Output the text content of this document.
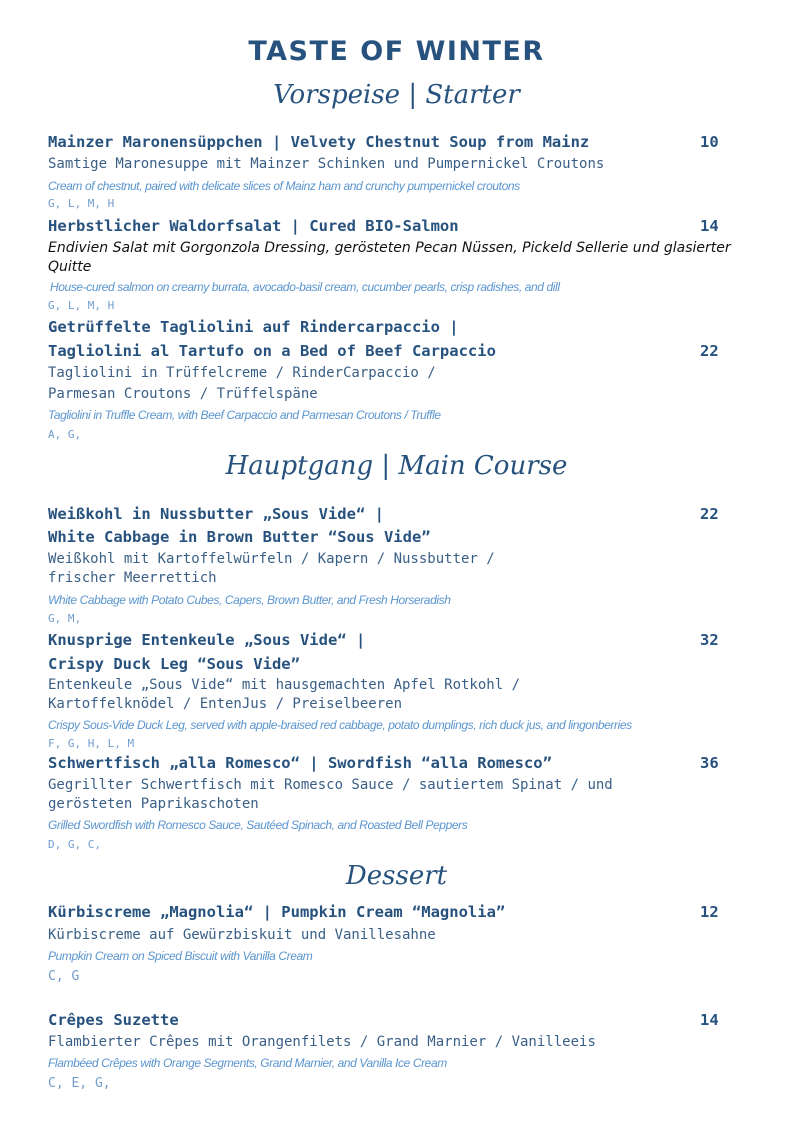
TASTE OF WINTER
Vorspeise | Starter
Mainzer Maronensüppchen | Velvety Chestnut Soup from Mainz	10
Samtige Maronesuppe mit Mainzer Schinken und Pumpernickel Croutons
Cream of chestnut, paired with delicate slices of Mainz ham and crunchy pumpernickel croutons
G, L, M, H
Herbstlicher Waldorfsalat | Cured BIO-Salmon	14
Endivien Salat mit Gorgonzola Dressing, gerösteten Pecan Nüssen, Pickeld Sellerie und glasierter Quitte
House-cured salmon on creamy burrata, avocado-basil cream, cucumber pearls, crisp radishes, and dill
G, L, M, H
Getrüffelte Tagliolini auf Rindercarpaccio |
Tagliolini al Tartufo on a Bed of Beef Carpaccio	22
Tagliolini in Trüffelcreme / RinderCarpaccio /
Parmesan Croutons / Trüffelspäne
Tagliolini in Truffle Cream, with Beef Carpaccio and Parmesan Croutons / Truffle
A, G,
Hauptgang | Main Course
Weißkohl in Nussbutter „Sous Vide“ |	22
White Cabbage in Brown Butter “Sous Vide”
Weißkohl mit Kartoffelwürfeln / Kapern / Nussbutter /
frischer Meerrettich
White Cabbage with Potato Cubes, Capers, Brown Butter, and Fresh Horseradish
G, M,
Knusprige Entenkeule „Sous Vide“ |	32
Crispy Duck Leg “Sous Vide”
Entenkeule „Sous Vide“ mit hausgemachten Apfel Rotkohl /
Kartoffelknödel / EntenJus / Preiselbeeren
Crispy Sous-Vide Duck Leg, served with apple-braised red cabbage, potato dumplings, rich duck jus, and lingonberries
F, G, H, L, M
Schwertfisch „alla Romesco“ | Swordfish “alla Romesco”	36
Gegrillter Schwertfisch mit Romesco Sauce / sautiertem Spinat / und
gerösteten Paprikaschoten
Grilled Swordfish with Romesco Sauce, Sautéed Spinach, and Roasted Bell Peppers
D, G, C,
Dessert
Kürbiscreme „Magnolia“ | Pumpkin Cream “Magnolia”	12
Kürbiscreme auf Gewürzbiskuit und Vanillesahne
Pumpkin Cream on Spiced Biscuit with Vanilla Cream
C, G
Crêpes Suzette	14
Flambierter Crêpes mit Orangenfilets / Grand Marnier / Vanilleeis
Flambéed Crêpes with Orange Segments, Grand Marnier, and Vanilla Ice Cream
C, E, G,
